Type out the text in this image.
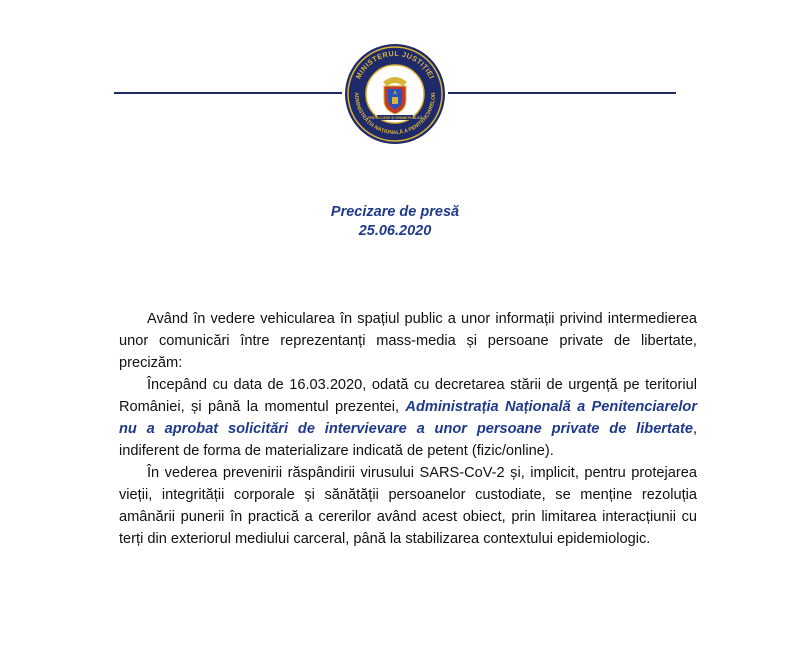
MINISTERUL JUSTIȚIEI
ADMINISTRAȚIA NAȚIONALĂ A PENITENCIARELOR
PENTRU LEGE ȘI ORDINE PUBLICĂ
Precizare de presă
25.06.2020

Având în vedere vehicularea în spațiul public a unor informații privind intermedierea unor comunicări între reprezentanți mass-media și persoane private de libertate, precizăm:

Începând cu data de 16.03.2020, odată cu decretarea stării de urgență pe teritoriul României, și până la momentul prezentei, Administrația Națională a Penitenciarelor nu a aprobat solicitări de intervievare a unor persoane private de libertate, indiferent de forma de materializare indicată de petent (fizic/online).

În vederea prevenirii răspândirii virusului SARS-CoV-2 și, implicit, pentru protejarea vieții, integrității corporale și sănătății persoanelor custodiate, se menține rezoluția amânării punerii în practică a cererilor având acest obiect, prin limitarea interacțiunii cu terți din exteriorul mediului carceral, până la stabilizarea contextului epidemiologic.
